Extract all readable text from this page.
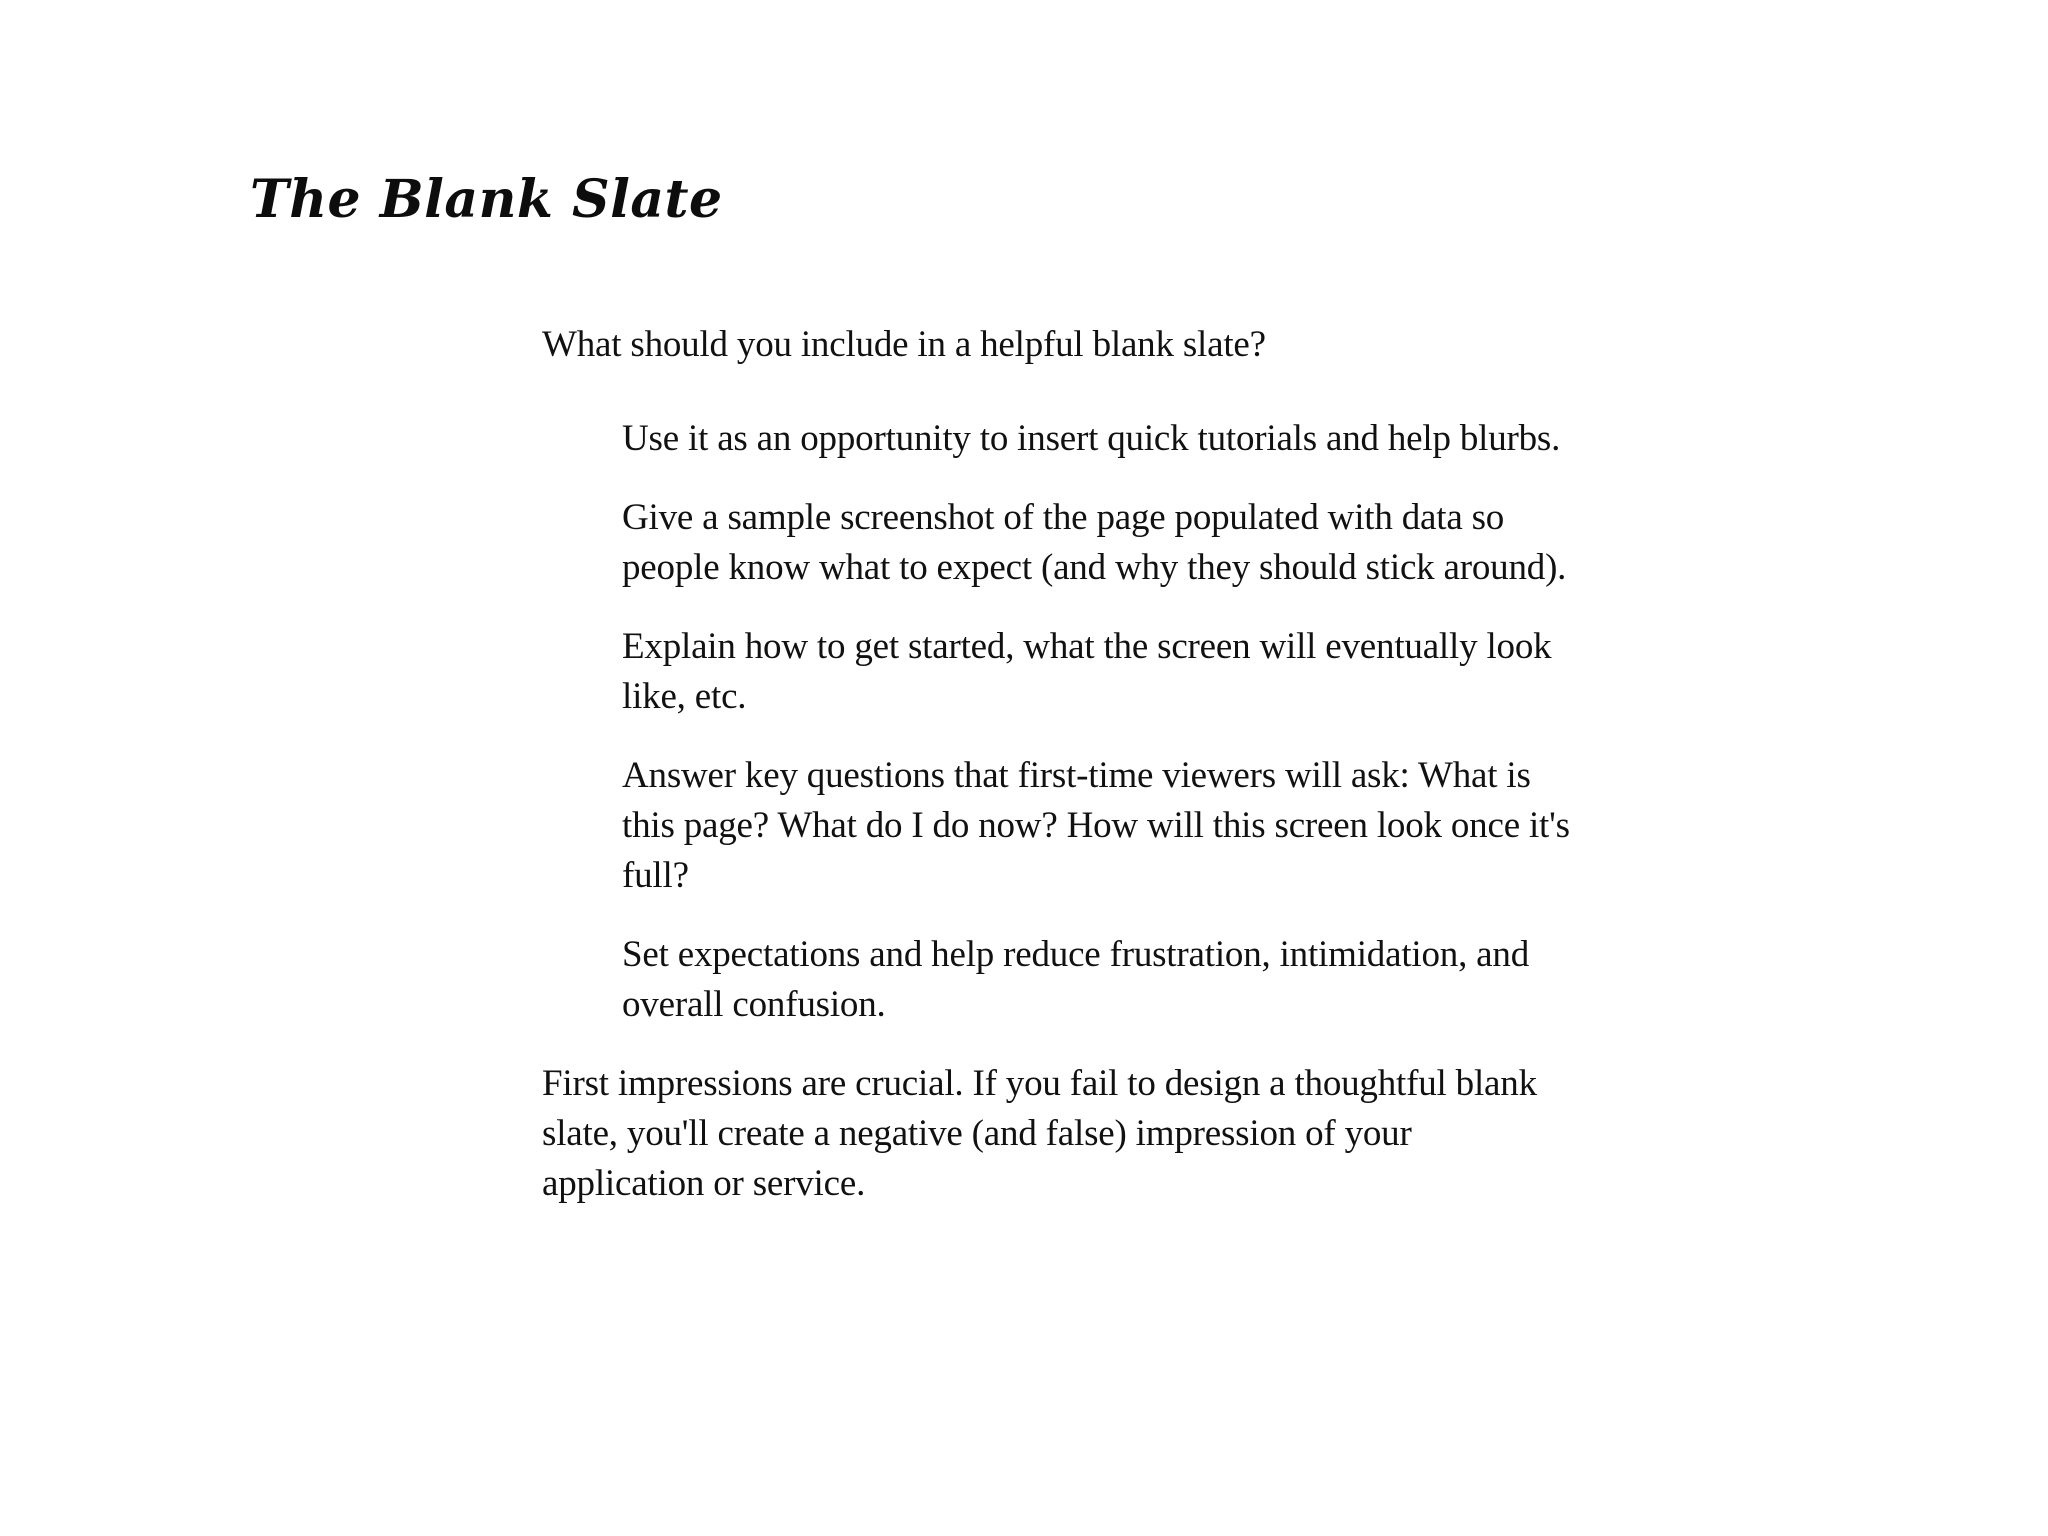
The Blank Slate

What should you include in a helpful blank slate?

Use it as an opportunity to insert quick tutorials and help blurbs.
Give a sample screenshot of the page populated with data so people know what to expect (and why they should stick around).
Explain how to get started, what the screen will eventually look like, etc.
Answer key questions that first-time viewers will ask: What is this page? What do I do now? How will this screen look once it's full?
Set expectations and help reduce frustration, intimidation, and overall confusion.

First impressions are crucial. If you fail to design a thoughtful blank slate, you'll create a negative (and false) impression of your application or service.
